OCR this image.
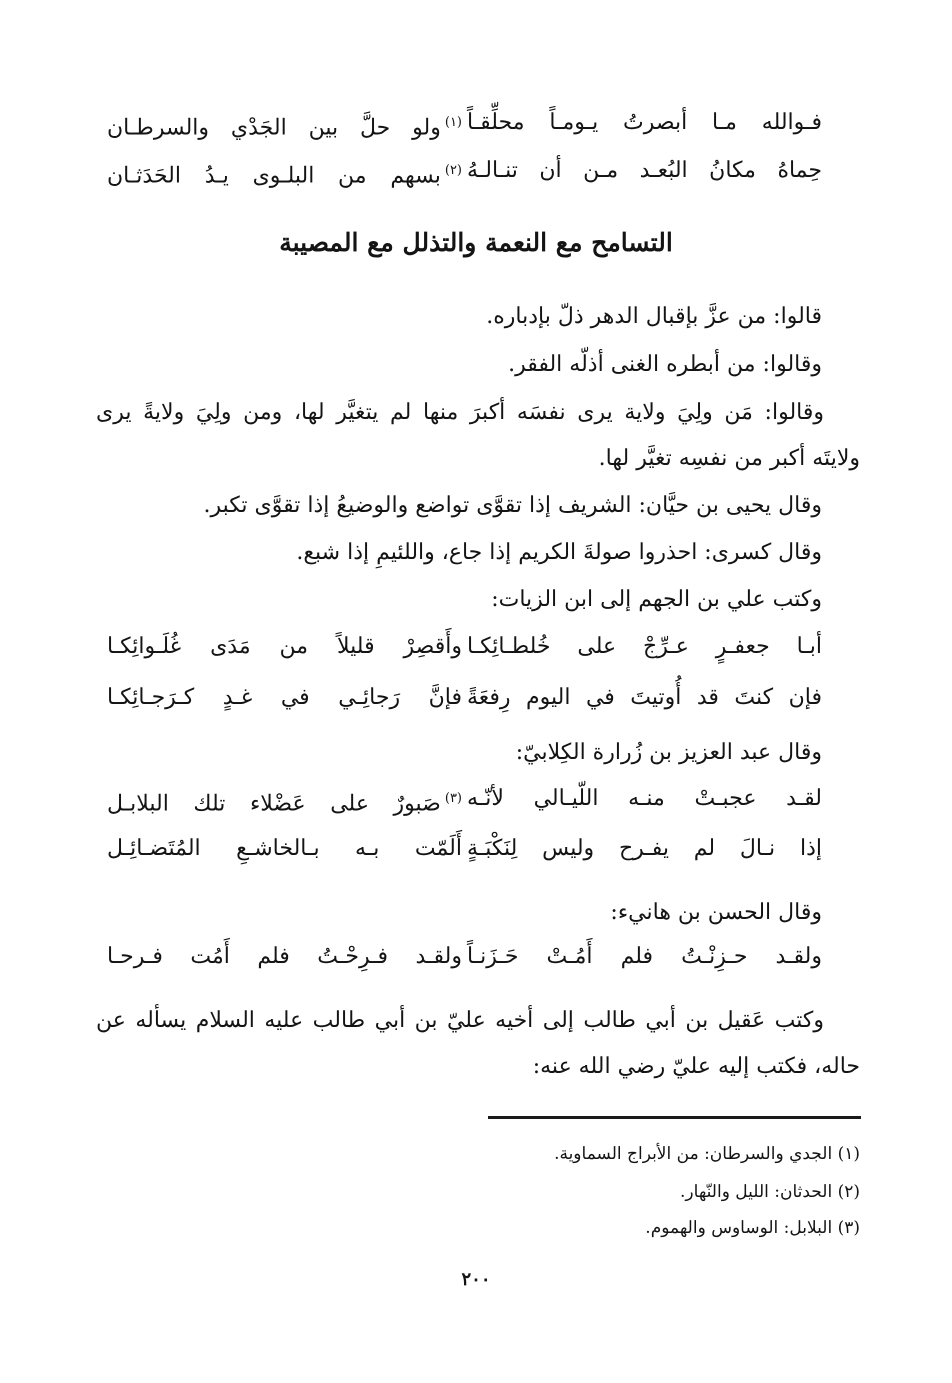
فـوالله مـا أبصرتُ يـومـاً محلِّقـاً
$^{(١)}$ولو حلَّ بين الجَدْي والسرطـان
حِماهُ مكانُ البُعـد مـن أن تنـالـهُ
$^{(٢)}$بسهم من البلـوى يـدُ الحَدَثـان
التسامح مع النعمة والتذلل مع المصيبة
قالوا: من عزَّ بإقبال الدهر ذلّ بإدباره.
وقالوا: من أبطره الغنى أذلّه الفقر.
وقالوا: مَن ولِيَ ولاية يرى نفسَه أكبرَ منها لم يتغيَّر لها، ومن ولِيَ ولايةً يرى
ولايتَه أكبر من نفسِه تغيَّر لها.
وقال يحيى بن حيَّان: الشريف إذا تقوَّى تواضع والوضيعُ إذا تقوَّى تكبر.
وقال كسرى: احذروا صولةَ الكريم إذا جاع، واللئيمِ إذا شبع.
وكتب علي بن الجهم إلى ابن الزيات:
أبـا جعفـرٍ عـرِّجْ على خُلطـائِكـا
وأَقصِرْ قليلاً من مَدَى غُلَـوائِكـا
فإن كنتَ قد أُوتيتَ في اليوم رِفعَةً
فإنَّ رَجائِـي في غـدٍ كـرَجـائِكـا
وقال عبد العزيز بن زُرارة الكِلابيّ:
لقـد عجبـتْ منـه اللّيـالي لأنّـه
$^{(٣)}$صَبورٌ على عَضْلاء تلك البلابـل
إذا نـالَ لم يفـرح وليس لِنَكْبَـةٍ
أَلَمّت بـه بـالخاشـعِ المُتَضـائِـل
وقال الحسن بن هانيء:
ولقـد حـزِنْـتُ فلم أَمُـتْ حَـزَنـاً
ولقـد فـرِحْـتُ فلم أَمُت فـرحـا
وكتب عَقيل بن أبي طالب إلى أخيه عليّ بن أبي طالب عليه السلام يسأله عن
حاله، فكتب إليه عليّ رضي الله عنه:
(١) الجدي والسرطان: من الأبراج السماوية.
(٢) الحدثان: الليل والنّهار.
(٣) البلابل: الوساوس والهموم.
٢٠٠
